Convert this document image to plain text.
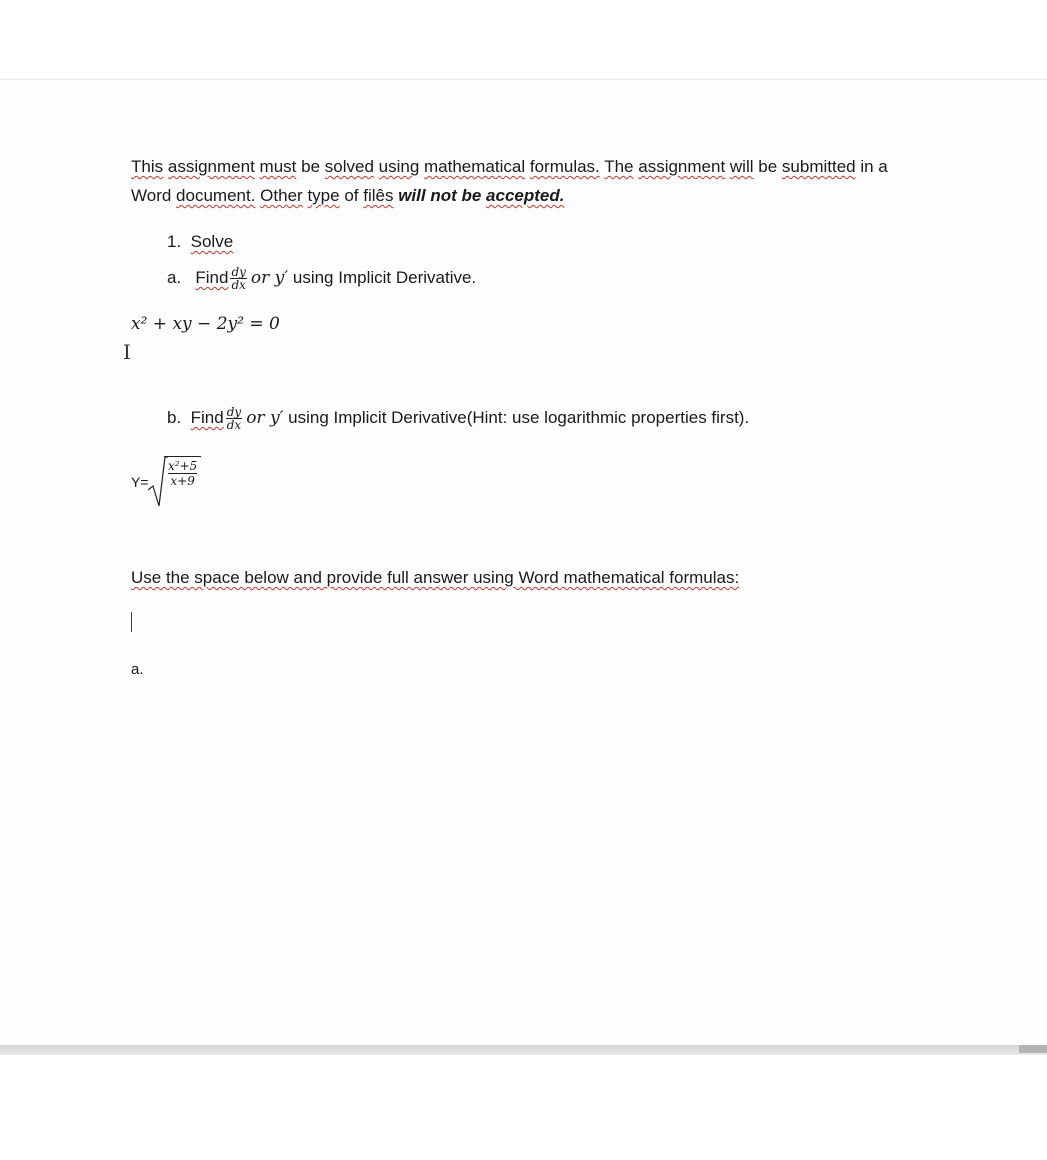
This assignment must be solved using mathematical formulas. The assignment will be submitted in a
Word document. Other type of filês will not be accepted.
1. Solve
a. Find $\frac{dy}{dx}$ or y′ using Implicit Derivative.
x² + xy − 2y² = 0
I
b. Find $\frac{dy}{dx}$ or y′ using Implicit Derivative(Hint: use logarithmic properties first).
$Y= \frac{\text{x²+5}}{x+9}$
Use the space below and provide full answer using Word mathematical formulas:
a.
